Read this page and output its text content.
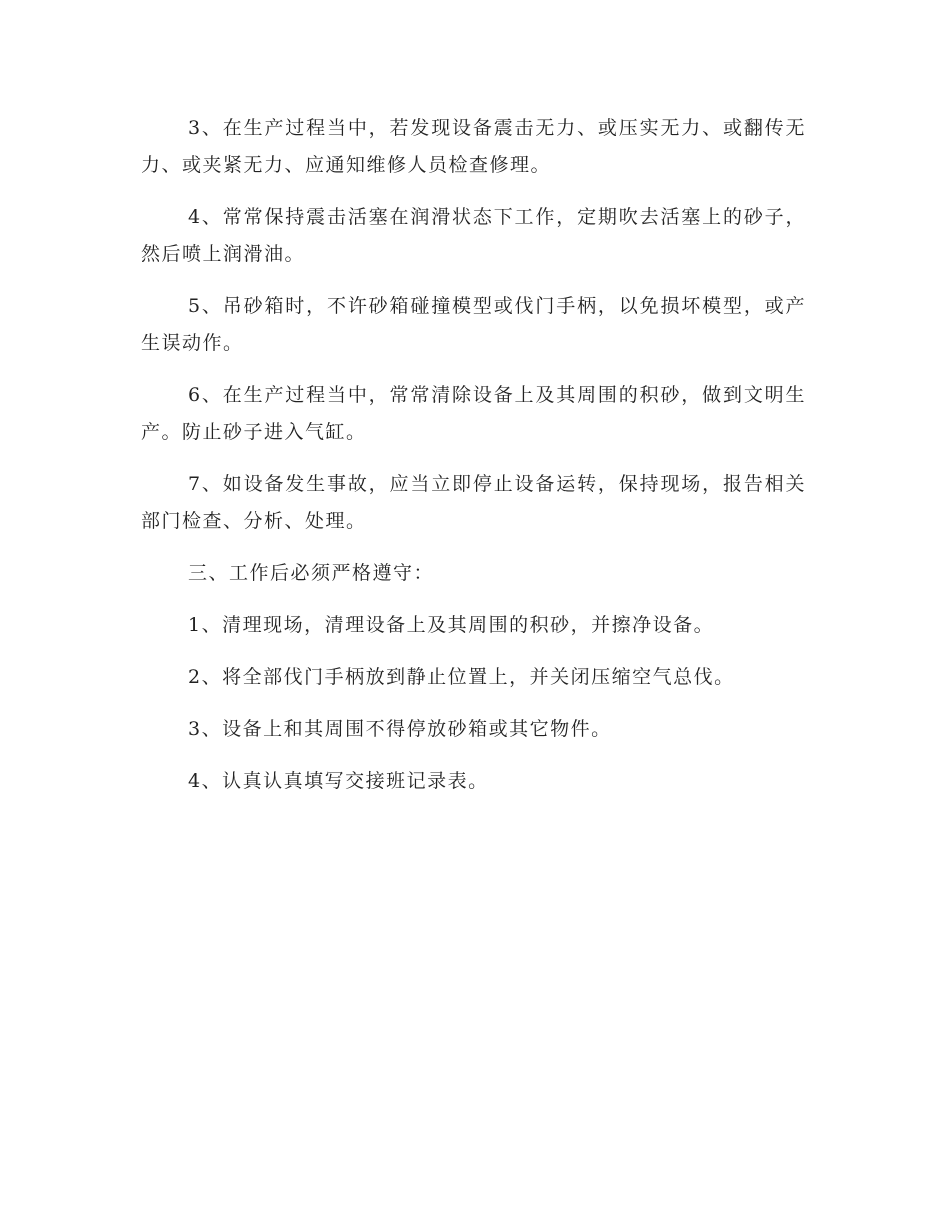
3、在生产过程当中，若发现设备震击无力、或压实无力、或翻传无力、或夹紧无力、应通知维修人员检查修理。

4、常常保持震击活塞在润滑状态下工作，定期吹去活塞上的砂子，然后喷上润滑油。

5、吊砂箱时，不许砂箱碰撞模型或伐门手柄，以免损坏模型，或产生误动作。

6、在生产过程当中，常常清除设备上及其周围的积砂，做到文明生产。防止砂子进入气缸。

7、如设备发生事故，应当立即停止设备运转，保持现场，报告相关部门检查、分析、处理。

三、工作后必须严格遵守：

1、清理现场，清理设备上及其周围的积砂，并擦净设备。

2、将全部伐门手柄放到静止位置上，并关闭压缩空气总伐。

3、设备上和其周围不得停放砂箱或其它物件。

4、认真认真填写交接班记录表。
